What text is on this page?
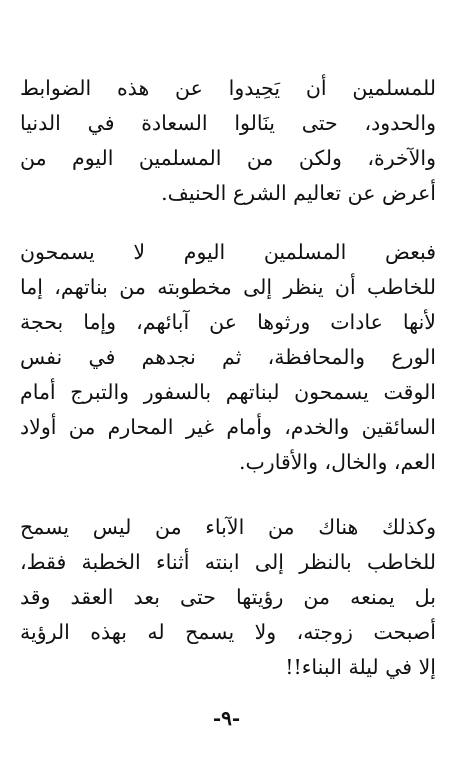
للمسلمين أن يَحِيدوا عن هذه الضوابط
والحدود، حتى ينَالوا السعادة في الدنيا
والآخرة، ولكن من المسلمين اليوم من
أعرض عن تعاليم الشرع الحنيف.
فبعض المسلمين اليوم لا يسمحون
للخاطب أن ينظر إلى مخطوبته من بناتهم، إما
لأنها عادات ورثوها عن آبائهم، وإما بحجة
الورع والمحافظة، ثم نجدهم في نفس
الوقت يسمحون لبناتهم بالسفور والتبرج أمام
السائقين والخدم، وأمام غير المحارم من أولاد
العم، والخال، والأقارب.
وكذلك هناك من الآباء من ليس يسمح
للخاطب بالنظر إلى ابنته أثناء الخطبة فقط،
بل يمنعه من رؤيتها حتى بعد العقد وقد
أصبحت زوجته، ولا يسمح له بهذه الرؤية
إلا في ليلة البناء!!
-٩-
